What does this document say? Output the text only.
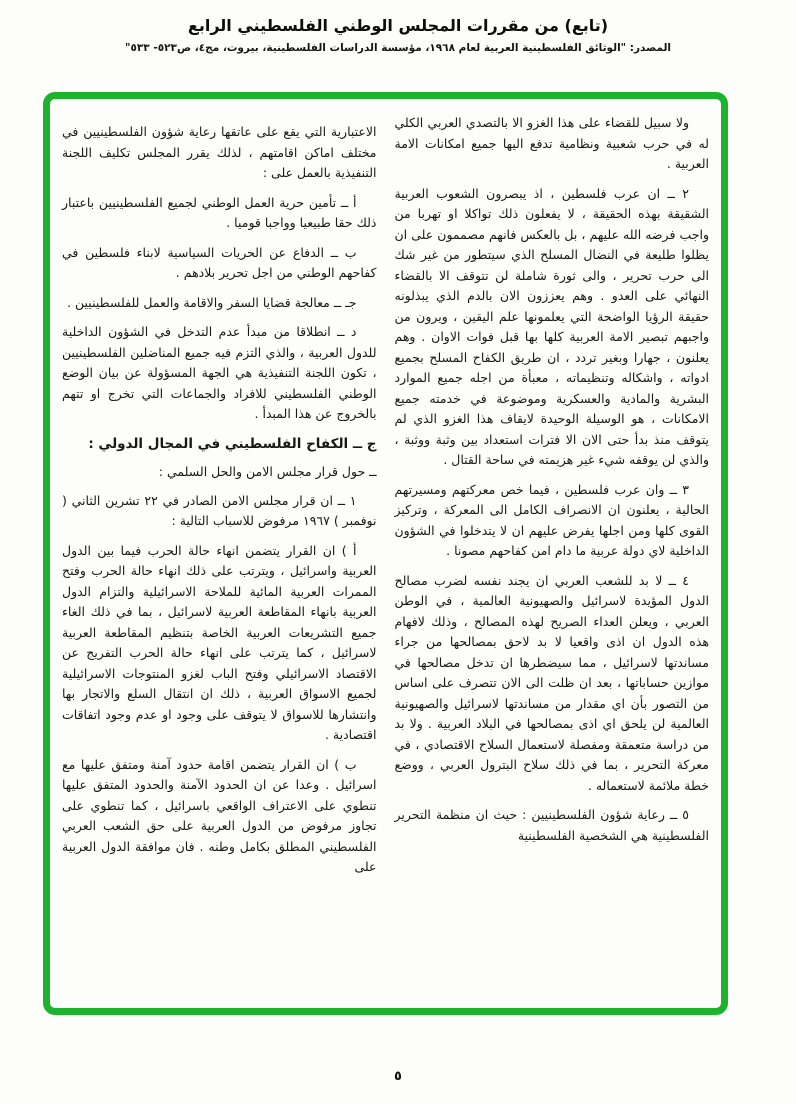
(تابع) من مقررات المجلس الوطني الفلسطيني الرابع
المصدر: "الوثائق الفلسطينية العربية لعام ١٩٦٨، مؤسسة الدراسات الفلسطينية، بيروت، مج٤، ص٥٢٣- ٥٣٣"

ولا سبيل للقضاء على هذا الغزو الا بالتصدي العربي الكلي له في حرب شعبية ونظامية تدفع اليها جميع امكانات الامة العربية .

٢ ــ ان عرب فلسطين ، اذ يبصرون الشعوب العربية الشقيقة بهذه الحقيقة ، لا يفعلون ذلك تواكلا او تهربا من واجب فرضه الله عليهم ، بل بالعكس فانهم مصممون على ان يظلوا طليعة في النضال المسلح الذي سيتطور من غير شك الى حرب تحرير ، والى ثورة شاملة لن تتوقف الا بالقضاء النهائي على العدو . وهم يعززون الان بالدم الذي يبذلونه حقيقة الرؤيا الواضحة التي يعلمونها علم اليقين ، ويرون من واجبهم تبصير الامة العربية كلها بها قبل فوات الاوان . وهم يعلنون ، جهارا وبغير تردد ، ان طريق الكفاح المسلح بجميع ادواته ، واشكاله وتنظيماته ، معبأة من اجله جميع الموارد البشرية والمادية والعسكرية وموضوعة في خدمته جميع الامكانات ، هو الوسيلة الوحيدة لايقاف هذا الغزو الذي لم يتوقف منذ بدأ حتى الان الا فترات استعداد بين وثبة ووثبة ، والذي لن يوقفه شيء غير هزيمته في ساحة القتال .

٣ ــ وان عرب فلسطين ، فيما خص معركتهم ومسيرتهم الحالية ، يعلنون ان الانصراف الكامل الى المعركة ، وتركيز القوى كلها ومن اجلها يفرض عليهم ان لا يتدخلوا في الشؤون الداخلية لاي دولة عربية ما دام امن كفاحهم مصونا .

٤ ــ لا بد للشعب العربي ان يجند نفسه لضرب مصالح الدول المؤيدة لاسرائيل والصهيونية العالمية ، في الوطن العربي ، ويعلن العداء الصريح لهذه المصالح ، وذلك لافهام هذه الدول ان اذى واقعيا لا بد لاحق بمصالحها من جراء مساندتها لاسرائيل ، مما سيضطرها ان تدخل مصالحها في موازين حساباتها ، بعد ان ظلت الى الان تتصرف على اساس من التصور بأن اي مقدار من مساندتها لاسرائيل والصهيونية العالمية لن يلحق اي اذى بمصالحها في البلاد العربية . ولا بد من دراسة متعمقة ومفصلة لاستعمال السلاح الاقتصادي ، في معركة التحرير ، بما في ذلك سلاح البترول العربي ، ووضع خطة ملائمة لاستعماله .

٥ ــ رعاية شؤون الفلسطينيين : حيث ان منظمة التحرير الفلسطينية هي الشخصية الفلسطينية

الاعتبارية التي يقع على عاتقها رعاية شؤون الفلسطينيين في مختلف اماكن اقامتهم ، لذلك يقرر المجلس تكليف اللجنة التنفيذية بالعمل على :

أ ــ تأمين حرية العمل الوطني لجميع الفلسطينيين باعتبار ذلك حقا طبيعيا وواجبا قوميا .

ب ــ الدفاع عن الحريات السياسية لابناء فلسطين في كفاحهم الوطني من اجل تحرير بلادهم .

جـ ــ معالجة قضايا السفر والاقامة والعمل للفلسطينيين .

د ــ انطلاقا من مبدأ عدم التدخل في الشؤون الداخلية للدول العربية ، والذي التزم فيه جميع المناضلين الفلسطينيين ، تكون اللجنة التنفيذية هي الجهة المسؤولة عن بيان الوضع الوطني الفلسطيني للافراد والجماعات التي تخرج او تتهم بالخروج عن هذا المبدأ .

ج ــ الكفاح الفلسطيني في المجال الدولي :

ــ حول قرار مجلس الامن والحل السلمي :

١ ــ ان قرار مجلس الامن الصادر في ٢٢ تشرين الثاني ( نوفمبر ) ١٩٦٧ مرفوض للاسباب التالية :

أ ) ان القرار يتضمن انهاء حالة الحرب فيما بين الدول العربية واسرائيل ، ويترتب على ذلك انهاء حالة الحرب وفتح الممرات العربية المائية للملاحة الاسرائيلية والتزام الدول العربية بانهاء المقاطعة العربية لاسرائيل ، بما في ذلك الغاء جميع التشريعات العربية الخاصة بتنظيم المقاطعة العربية لاسرائيل ، كما يترتب على انهاء حالة الحرب التفريج عن الاقتصاد الاسرائيلي وفتح الباب لغزو المنتوجات الاسرائيلية لجميع الاسواق العربية ، ذلك ان انتقال السلع والاتجار بها وانتشارها للاسواق لا يتوقف على وجود او عدم وجود اتفاقات اقتصادية .

ب ) ان القرار يتضمن اقامة حدود آمنة ومتفق عليها مع اسرائيل . وعدا عن ان الحدود الآمنة والحدود المتفق عليها تنطوي على الاعتراف الواقعي باسرائيل ، كما تنطوي على تجاوز مرفوض من الدول العربية على حق الشعب العربي الفلسطيني المطلق بكامل وطنه . فان موافقة الدول العربية على

٥
